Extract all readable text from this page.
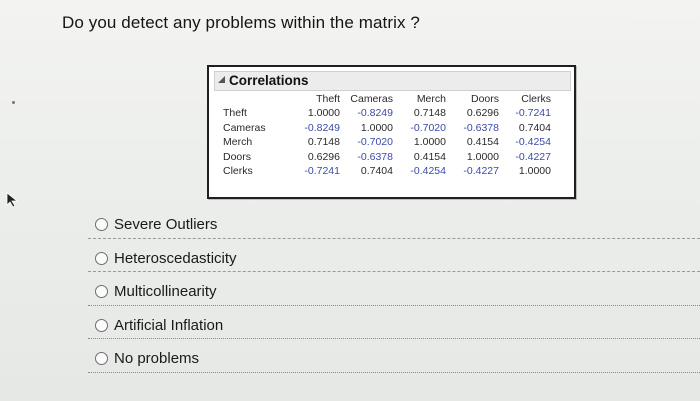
Do you detect any problems within the matrix ?
Correlations
	Theft	Cameras	Merch	Doors	Clerks
Theft	1.0000	-0.8249	0.7148	0.6296	-0.7241
Cameras	-0.8249	1.0000	-0.7020	-0.6378	0.7404
Merch	0.7148	-0.7020	1.0000	0.4154	-0.4254
Doors	0.6296	-0.6378	0.4154	1.0000	-0.4227
Clerks	-0.7241	0.7404	-0.4254	-0.4227	1.0000
Severe Outliers
Heteroscedasticity
Multicollinearity
Artificial Inflation
No problems
